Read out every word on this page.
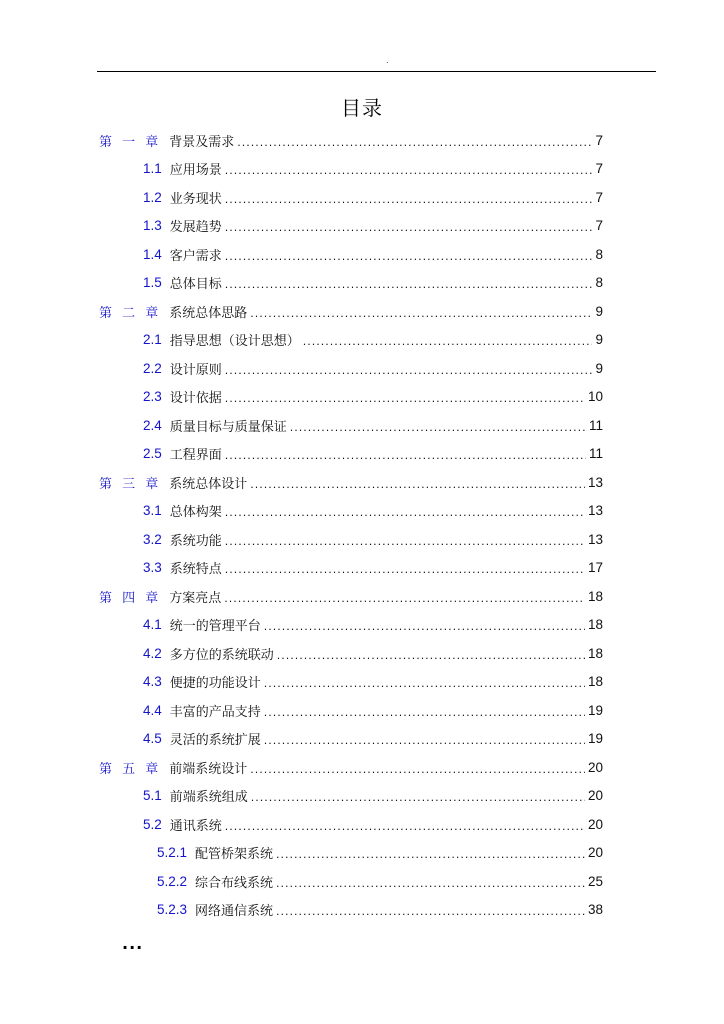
.
目录
第 一 章 背景及需求 .....	7
1.1 应用场景 .....	7
1.2 业务现状 .....	7
1.3 发展趋势 .....	7
1.4 客户需求 .....	8
1.5 总体目标 .....	8
第 二 章 系统总体思路 .....	9
2.1 指导思想（设计思想） .....	9
2.2 设计原则 .....	9
2.3 设计依据 .....	10
2.4 质量目标与质量保证 .....	11
2.5 工程界面 .....	11
第 三 章 系统总体设计 .....	13
3.1 总体构架 .....	13
3.2 系统功能 .....	13
3.3 系统特点 .....	17
第 四 章 方案亮点 .....	18
4.1 统一的管理平台 .....	18
4.2 多方位的系统联动 .....	18
4.3 便捷的功能设计 .....	18
4.4 丰富的产品支持 .....	19
4.5 灵活的系统扩展 .....	19
第 五 章 前端系统设计 .....	20
5.1 前端系统组成 .....	20
5.2 通讯系统 .....	20
5.2.1 配管桥架系统 .....	20
5.2.2 综合布线系统 .....	25
5.2.3 网络通信系统 .....	38
...
